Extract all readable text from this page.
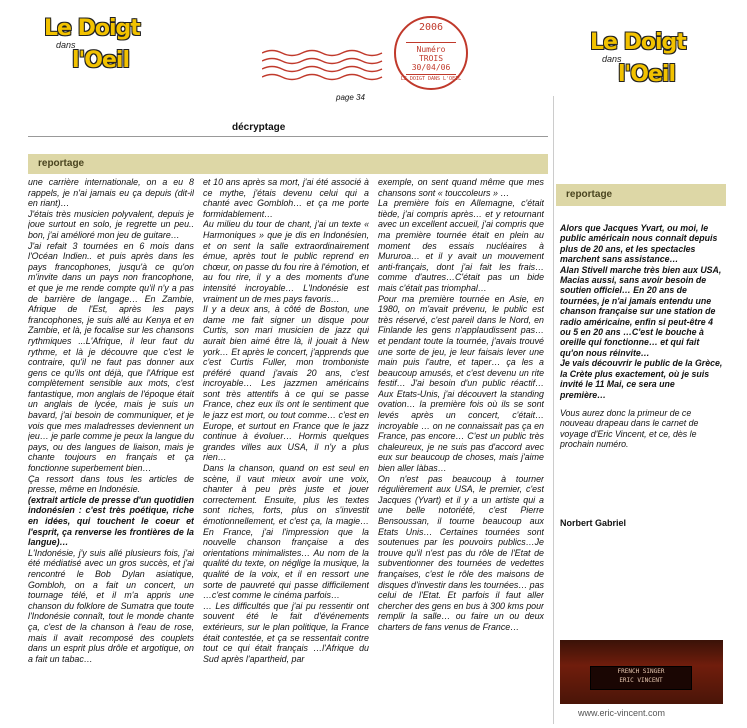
Le Doigt
dans
l'Oeil
2006
Numéro
TROIS
30/04/06
LE DOIGT DANS L'OEIL
page 34
décryptage
reportage

une carrière internationale, on a eu 8 rappels, je n'ai jamais eu ça depuis (dit-il en riant)…

J'étais très musicien polyvalent, depuis je joue surtout en solo, je regrette un peu.. bon, j'ai amélioré mon jeu de guitare…

J'ai refait 3 tournées en 6 mois dans l'Océan Indien.. et puis après dans les pays francophones, jusqu'à ce qu'on m'invite dans un pays non francophone, et que je me rende compte qu'il n'y a pas de barrière de langage… En Zambie, Afrique de l'Est, après les pays francophones, je suis allé au Kenya et en Zambie, et là, je focalise sur les chansons rythmiques ...L'Afrique, il leur faut du rythme, et là je découvre que c'est le contraire, qu'il ne faut pas donner aux gens ce qu'ils ont déjà, que l'Afrique est complètement sensible aux mots, c'est fantastique, mon anglais de l'époque était un anglais de lycée, mais je suis un bavard, j'ai besoin de communiquer, et je vois que mes maladresses deviennent un jeu… je parle comme je peux la langue du pays, ou des langues de liaison, mais je chante toujours en français et ça fonctionne superbement bien…

Ça ressort dans tous les articles de presse, même en Indonésie.

(extrait article de presse d'un quotidien indonésien : c'est très poétique, riche en idées, qui touchent le coeur et l'esprit, ça renverse les frontières de la langue)…

L'Indonésie, j'y suis allé plusieurs fois, j'ai été médiatisé avec un gros succès, et j'ai rencontré le Bob Dylan asiatique, Gombloh, on a fait un concert, un tournage télé, et il m'a appris une chanson du folklore de Sumatra que toute l'Indonésie connaît, tout le monde chante ça, c'est de la chanson à l'eau de rose, mais il avait recomposé des couplets dans un esprit plus drôle et argotique, on a fait un tabac…

et 10 ans après sa mort, j'ai été associé à ce mythe, j'étais devenu celui qui a chanté avec Gombloh… et ça me porte formidablement…

Au milieu du tour de chant, j'ai un texte « Harmoniques » que je dis en Indonésien, et on sent la salle extraordinairement émue, après tout le public reprend en chœur, on passe du fou rire à l'émotion, et au fou rire, il y a des moments d'une intensité incroyable… L'Indonésie est vraiment un de mes pays favoris…

Il y a deux ans, à côté de Boston, une dame me fait signer un disque pour Curtis, son mari musicien de jazz qui aurait bien aimé être là, il jouait à New york… Et après le concert, j'apprends que c'est Curtis Fuller, mon tromboniste préféré quand j'avais 20 ans, c'est incroyable… Les jazzmen américains sont très attentifs à ce qui se passe France, chez eux ils ont le sentiment que le jazz est mort, ou tout comme… c'est en Europe, et surtout en France que le jazz continue à évoluer… Hormis quelques grandes villes aux USA, il n'y a plus rien…

Dans la chanson, quand on est seul en scène, il vaut mieux avoir une voix, chanter à peu près juste et jouer correctement. Ensuite, plus les textes sont riches, forts, plus on s'investit émotionnellement, et c'est ça, la magie… En France, j'ai l'impression que la nouvelle chanson française a des orientations minimalistes… Au nom de la qualité du texte, on néglige la musique, la qualité de la voix, et il en ressort une sorte de pauvreté qui passe difficilement …c'est comme le cinéma parfois…

… Les difficultés que j'ai pu ressentir ont souvent été le fait d'événements extérieurs, sur le plan politique, la France était contestée, et ça se ressentait contre tout ce qui était français …l'Afrique du Sud après l'apartheid, par

exemple, on sent quand même que mes chansons sont « touccoleurs » …

La première fois en Allemagne, c'était tiède, j'ai compris après… et y retournant avec un excellent accueil, j'ai compris que ma première tournée était en plein au moment des essais nucléaires à Mururoa… et il y avait un mouvement anti-français, dont j'ai fait les frais… comme d'autres…C'était pas un bide mais c'était pas triomphal…

Pour ma première tournée en Asie, en 1980, on m'avait prévenu, le public est très réservé, c'est pareil dans le Nord, en Finlande les gens n'applaudissent pas… et pendant toute la tournée, j'avais trouvé une sorte de jeu, je leur faisais lever une main puis l'autre, et taper… ça les a beaucoup amusés, et c'est devenu un rite festif… J'ai besoin d'un public réactif… Aux Etats-Unis, j'ai découvert la standing ovation… la première fois où ils se sont levés après un concert, c'était… incroyable … on ne connaissait pas ça en France, pas encore… C'est un public très chaleureux, je ne suis pas d'accord avec eux sur beaucoup de choses, mais j'aime bien aller làbas…

On n'est pas beaucoup à tourner régulièrement aux USA, le premier, c'est Jacques (Yvart) et il y a un artiste qui a une belle notoriété, c'est Pierre Bensoussan, il tourne beaucoup aux Etats Unis… Certaines tournées sont soutenues par les pouvoirs publics…Je trouve qu'il n'est pas du rôle de l'Etat de subventionner des tournées de vedettes françaises, c'est le rôle des maisons de disques d'investir dans les tournées… pas celui de l'Etat. Et parfois il faut aller chercher des gens en bus à 300 kms pour remplir la salle… ou faire un ou deux charters de fans venus de France…

Le Doigt
dans
l'Oeil
reportage

Alors que Jacques Yvart, ou moi, le public américain nous connaît depuis plus de 20 ans, et les spectacles marchent sans assistance…

Alan Stivell marche très bien aux USA, Macias aussi, sans avoir besoin de soutien officiel… En 20 ans de tournées, je n'ai jamais entendu une chanson française sur une station de radio américaine, enfin si peut-être 4 ou 5 en 20 ans …C'est le bouche à oreille qui fonctionne… et qui fait qu'on nous réinvite…

Je vais découvrir le public de la Grèce, la Crète plus exactement, où je suis invité le 11 Mai, ce sera une première…

Vous aurez donc la primeur de ce nouveau drapeau dans le carnet de voyage d'Eric Vincent, et ce, dès le prochain numéro.

Norbert Gabriel
FRENCH SINGER
ERIC VINCENT
www.eric-vincent.com
